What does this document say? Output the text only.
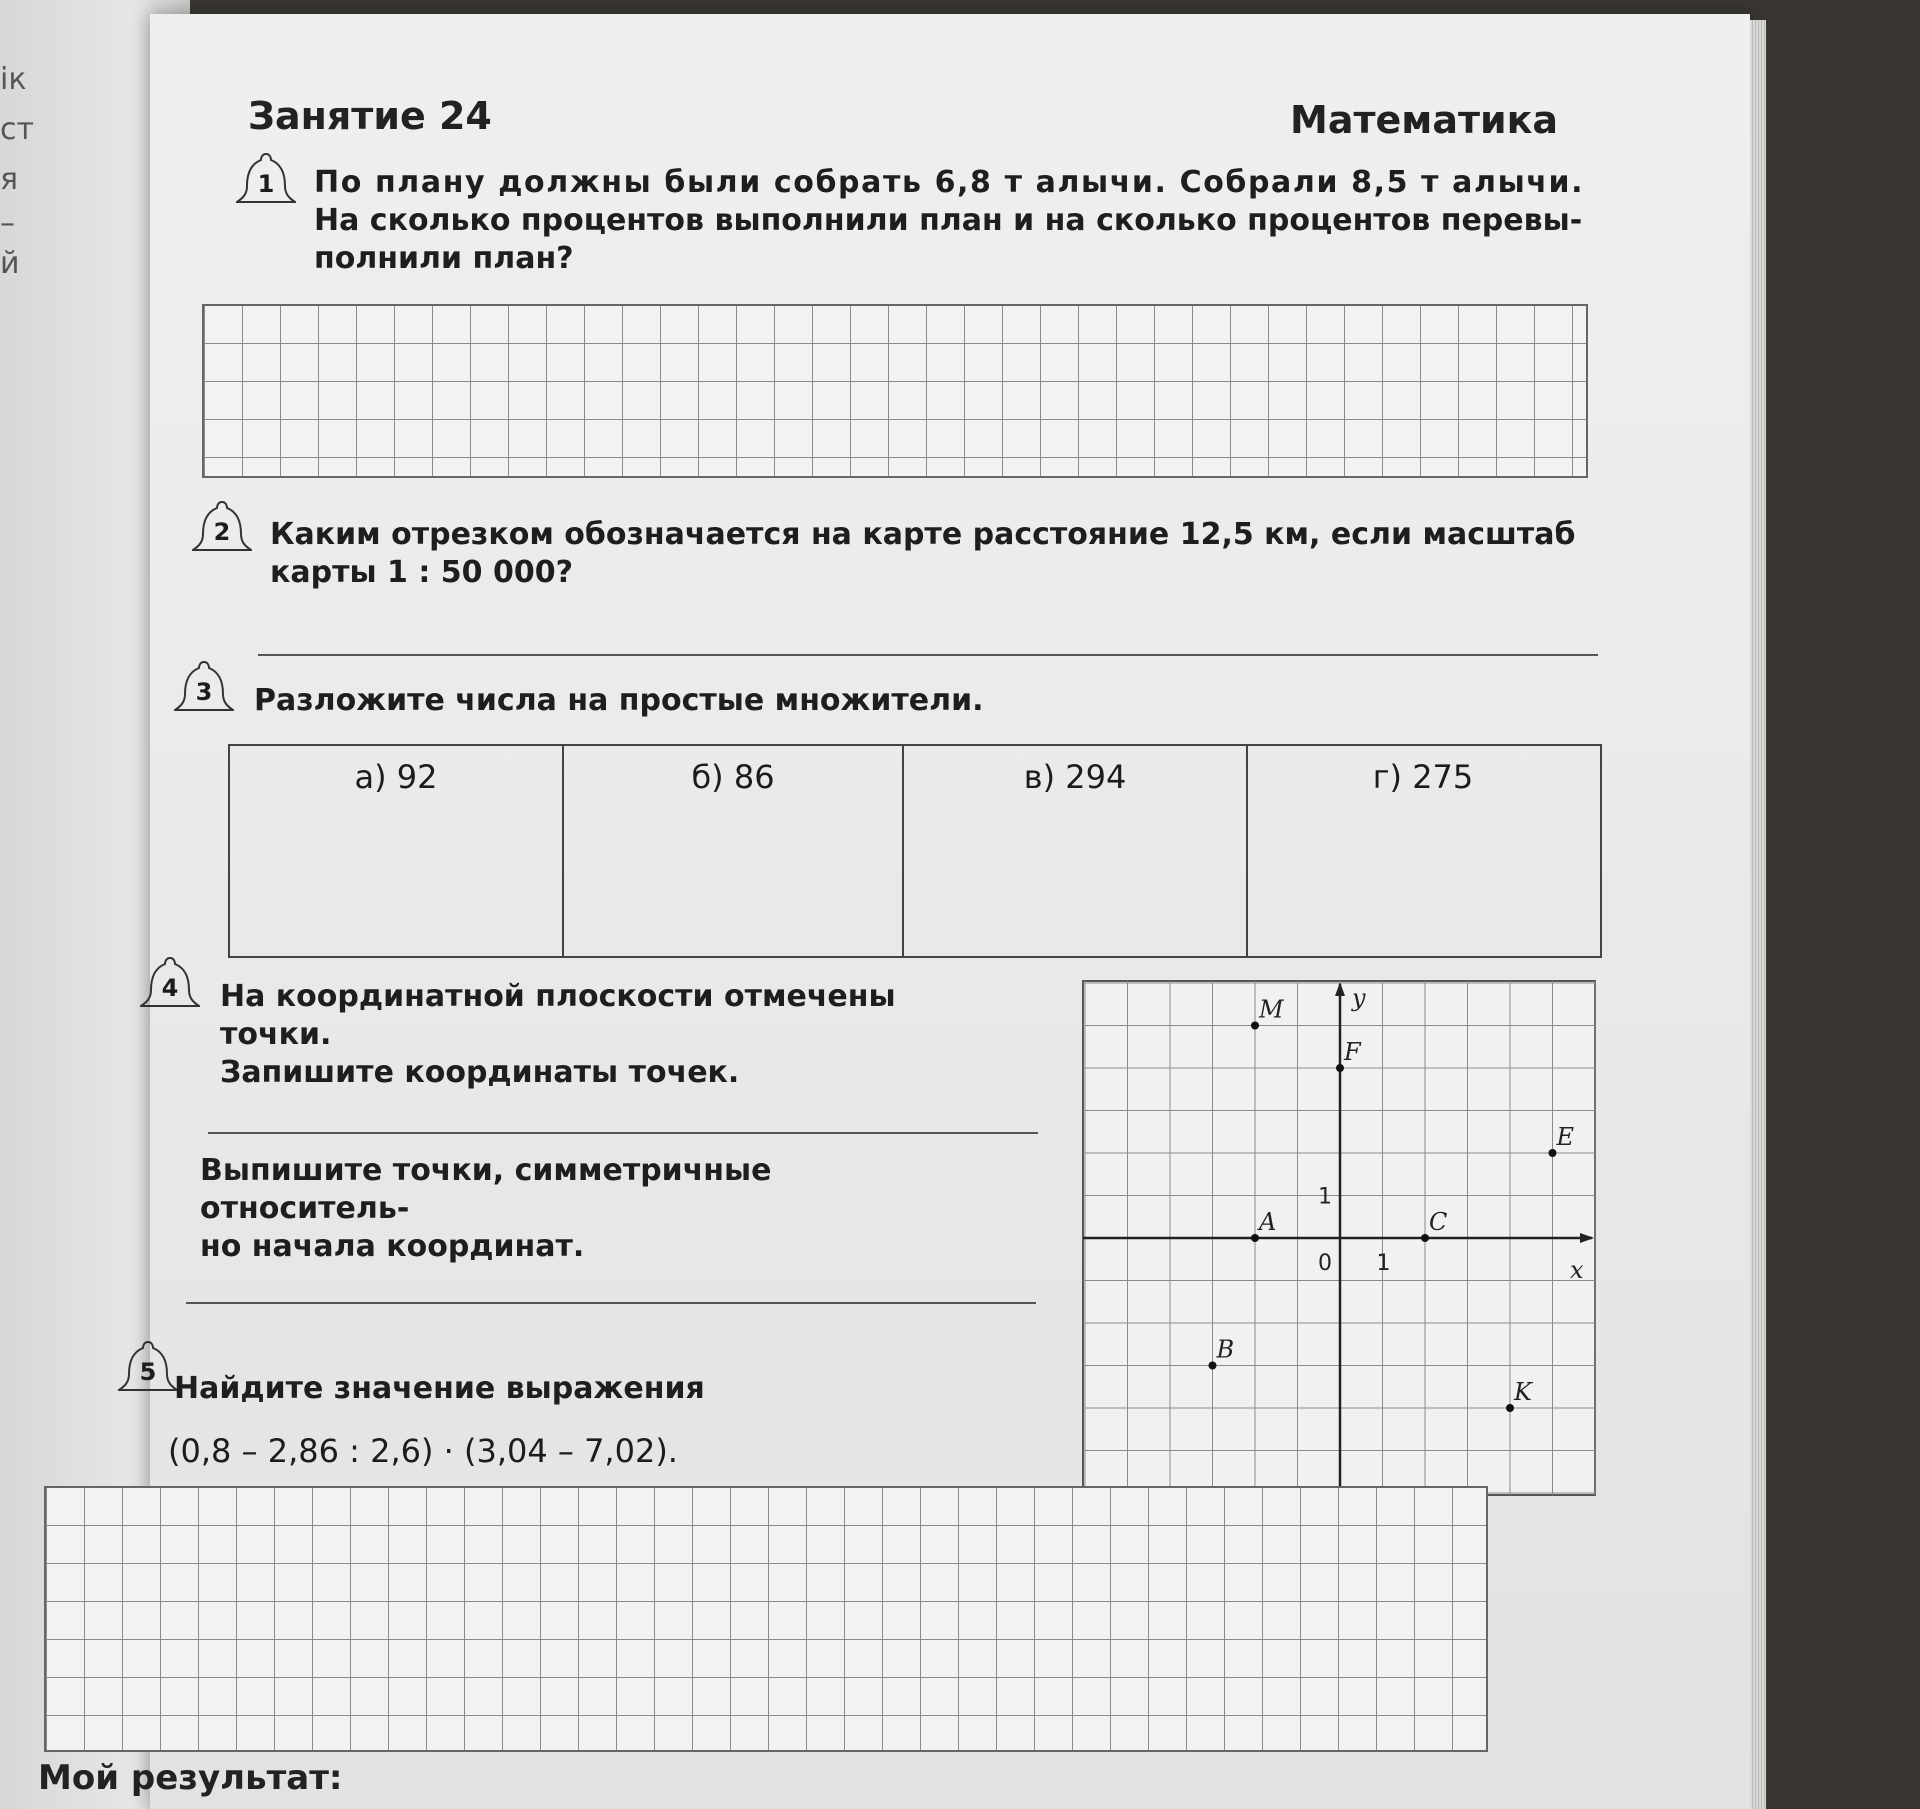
ік
ст
я
–
й
Занятие 24	Математика
1	По плану должны были собрать 6,8 т алычи. Собрали 8,5 т алычи.
На сколько процентов выполнили план и на сколько процентов перевы-
полнили план?
2	Каким отрезком обозначается на карте расстояние 12,5 км, если масштаб
карты 1 : 50 000?
3	Разложите числа на простые множители.
а) 92	б) 86	в) 294	г) 275
4	На координатной плоскости отмечены точки.
Запишите координаты точек.
Выпишите точки, симметричные относитель-
но начала координат.
x
y
0 1
1
M
F
E
A	C
B
K
5 Найдите значение выражения
(0,8 – 2,86 : 2,6) · (3,04 – 7,02).
Мой результат:
